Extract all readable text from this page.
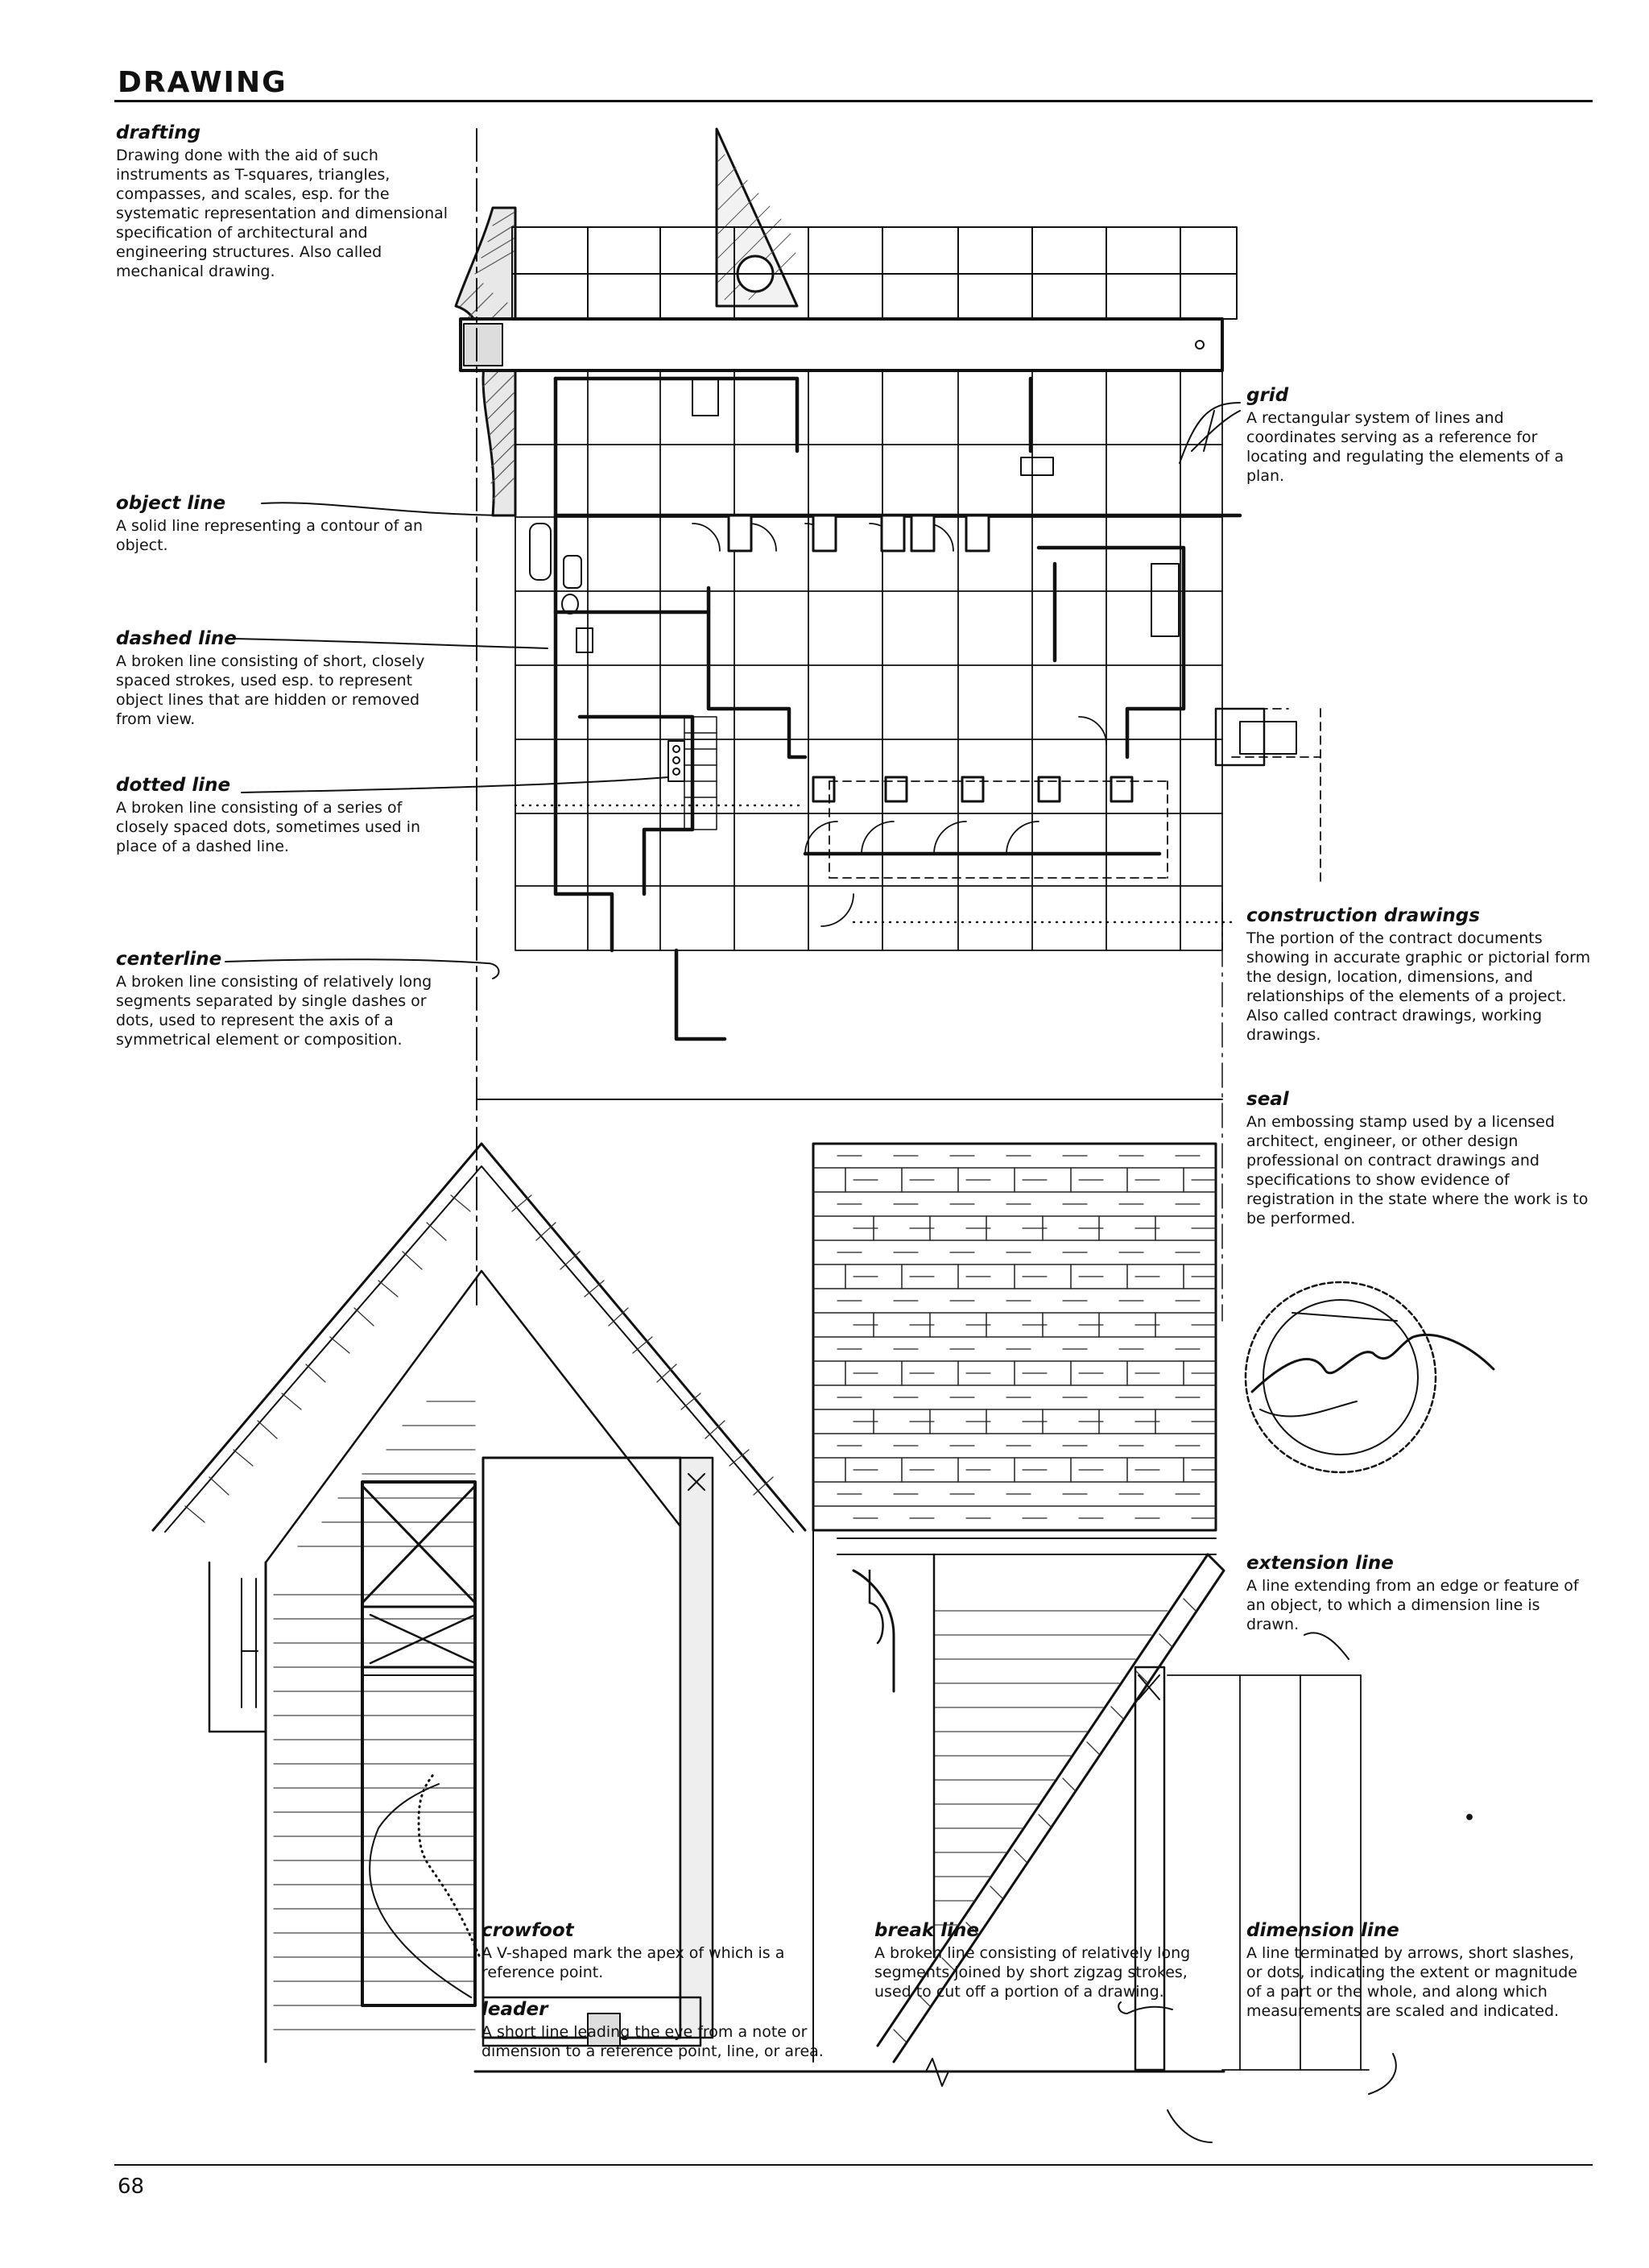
DRAWING

drafting

Drawing done with the aid of such instruments as T-squares, triangles, compasses, and scales, esp. for the systematic representation and dimensional specification of architectural and engineering structures. Also called mechanical drawing.

object line

A solid line representing a contour of an object.

dashed line

A broken line consisting of short, closely spaced strokes, used esp. to represent object lines that are hidden or removed from view.

dotted line

A broken line consisting of a series of closely spaced dots, sometimes used in place of a dashed line.

centerline

A broken line consisting of relatively long segments separated by single dashes or dots, used to represent the axis of a symmetrical element or composition.

grid

A rectangular system of lines and coordinates serving as a reference for locating and regulating the elements of a plan.

construction drawings

The portion of the contract documents showing in accurate graphic or pictorial form the design, location, dimensions, and relationships of the elements of a project. Also called contract drawings, working drawings.

seal

An embossing stamp used by a licensed architect, engineer, or other design professional on contract drawings and specifications to show evidence of registration in the state where the work is to be performed.

extension line

A line extending from an edge or feature of an object, to which a dimension line is drawn.

crowfoot

A V-shaped mark the apex of which is a reference point.

leader

A short line leading the eye from a note or dimension to a reference point, line, or area.

break line

A broken line consisting of relatively long segments joined by short zigzag strokes, used to cut off a portion of a drawing.

dimension line

A line terminated by arrows, short slashes, or dots, indicating the extent or magnitude of a part or the whole, and along which measurements are scaled and indicated.

68
